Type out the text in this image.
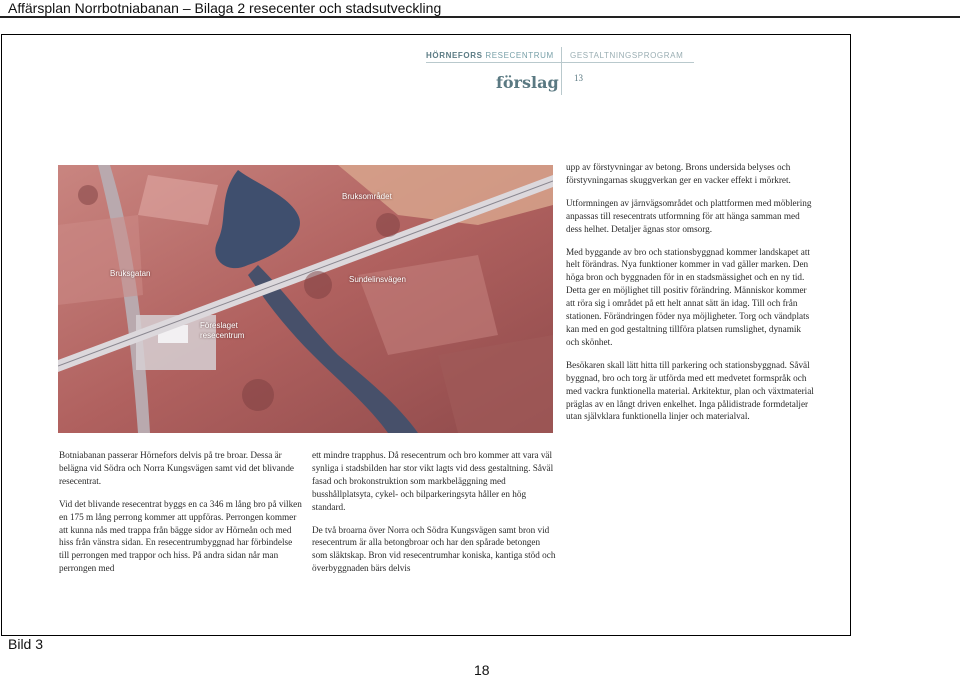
Affärsplan Norrbotniabanan – Bilaga 2 resecenter och stadsutveckling
HÖRNEFORS RESECENTRUM GESTALTNINGSPROGRAM
förslag 13
Bruksområdet
Bruksgatan
Sundelinsvägen
Föreslaget
resecentrum

upp av förstyvningar av betong. Brons undersida belyses och förstyvningarnas skuggverkan ger en vacker effekt i mörkret.

Utformningen av järnvägsområdet och plattformen med möblering anpassas till resecentrats utformning för att hänga samman med dess helhet. Detaljer ägnas stor omsorg.

Med byggande av bro och stationsbyggnad kommer landskapet att helt förändras. Nya funktioner kommer in vad gäller marken. Den höga bron och byggnaden för in en stadsmässighet och en ny tid. Detta ger en möjlighet till positiv förändring. Människor kommer att röra sig i området på ett helt annat sätt än idag. Till och från stationen. Förändringen föder nya möjligheter. Torg och vändplats kan med en god gestaltning tillföra platsen rumslighet, dynamik och skönhet.

Besökaren skall lätt hitta till parkering och stationsbyggnad. Såväl byggnad, bro och torg är utförda med ett medvetet formspråk och med vackra funktionella material. Arkitektur, plan och växtmaterial präglas av en långt driven enkelhet. Inga pålidistrade formdetaljer utan självklara funktionella linjer och materialval.

Botniabanan passerar Hörnefors delvis på tre broar. Dessa är belägna vid Södra och Norra Kungsvägen samt vid det blivande resecentrat.

Vid det blivande resecentrat byggs en ca 346 m lång bro på vilken en 175 m lång perrong kommer att uppföras. Perrongen kommer att kunna nås med trappa från bägge sidor av Hörneån och med hiss från vänstra sidan. En resecentrumbyggnad har förbindelse till perrongen med trappor och hiss. På andra sidan når man perrongen med

ett mindre trapphus. Då resecentrum och bro kommer att vara väl synliga i stadsbilden har stor vikt lagts vid dess gestaltning. Såväl fasad och brokonstruktion som markbeläggning med busshållplatsyta, cykel- och bilparkeringsyta håller en hög standard.

De två broarna över Norra och Södra Kungsvägen samt bron vid resecentrum är alla betongbroar och har den spårade betongen som släktskap. Bron vid resecentrumhar koniska, kantiga stöd och överbyggnaden bärs delvis

Bild 3
18
